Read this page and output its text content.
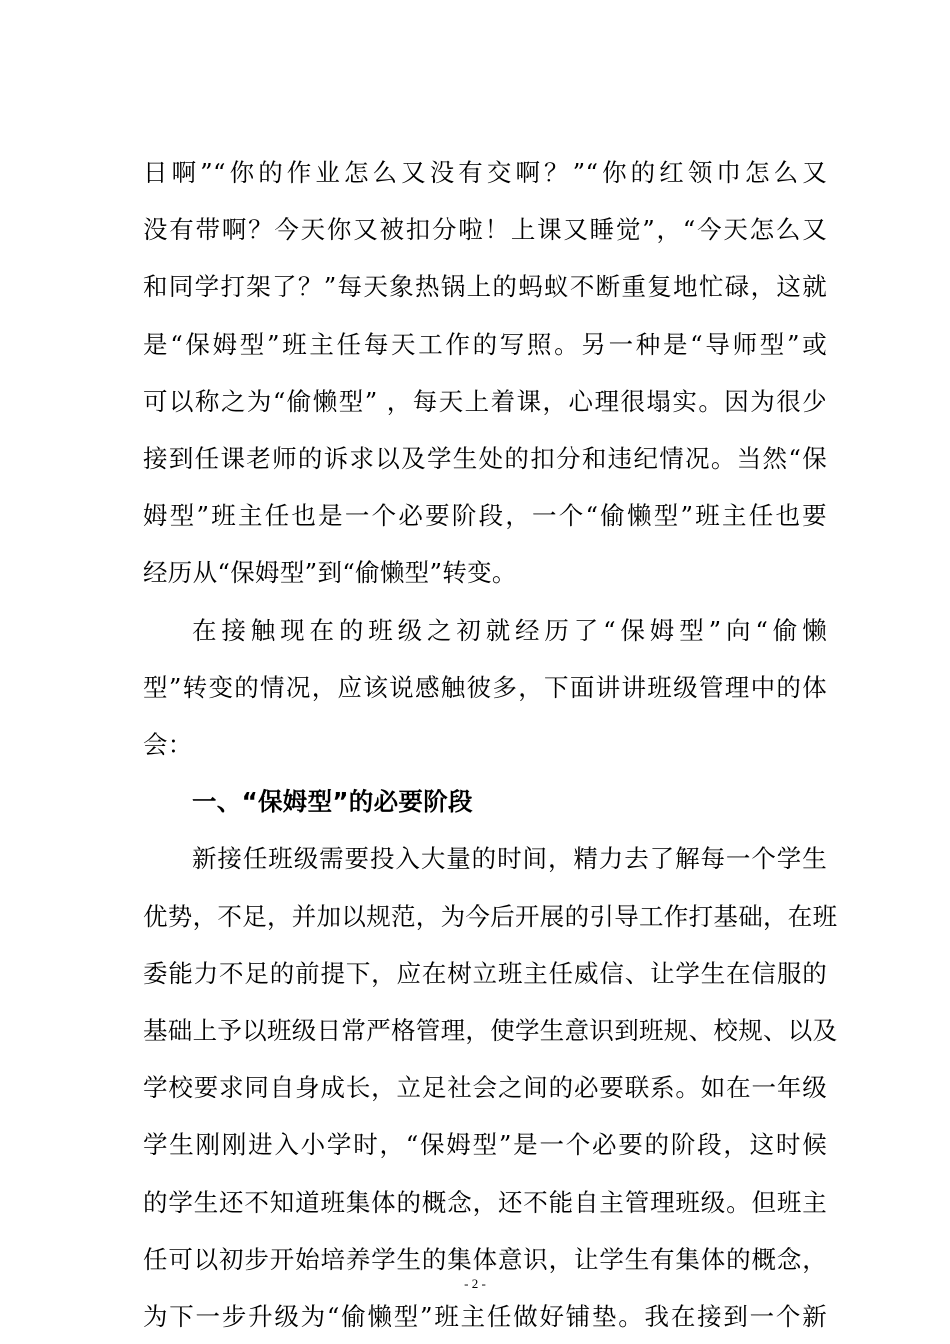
日啊”“你的作业怎么又没有交啊？”“你的红领巾怎么又
没有带啊？今天你又被扣分啦！上课又睡觉”，“今天怎么又
和同学打架了？”每天象热锅上的蚂蚁不断重复地忙碌，这就
是“保姆型”班主任每天工作的写照。另一种是“导师型”或
可以称之为“偷懒型” ，每天上着课，心理很塌实。因为很少
接到任课老师的诉求以及学生处的扣分和违纪情况。当然“保
姆型”班主任也是一个必要阶段，一个“偷懒型”班主任也要
经历从“保姆型”到“偷懒型”转变。
在接触现在的班级之初就经历了“保姆型”向“偷懒
型”转变的情况，应该说感触彼多，下面讲讲班级管理中的体
会：
一、“保姆型”的必要阶段
新接任班级需要投入大量的时间，精力去了解每一个学生
优势，不足，并加以规范，为今后开展的引导工作打基础，在班
委能力不足的前提下，应在树立班主任威信、让学生在信服的
基础上予以班级日常严格管理，使学生意识到班规、校规、以及
学校要求同自身成长，立足社会之间的必要联系。如在一年级
学生刚刚进入小学时，“保姆型”是一个必要的阶段，这时候
的学生还不知道班集体的概念，还不能自主管理班级。但班主
任可以初步开始培养学生的集体意识，让学生有集体的概念，
- 2 -
为下一步升级为“偷懒型”班主任做好铺垫。我在接到一个新
